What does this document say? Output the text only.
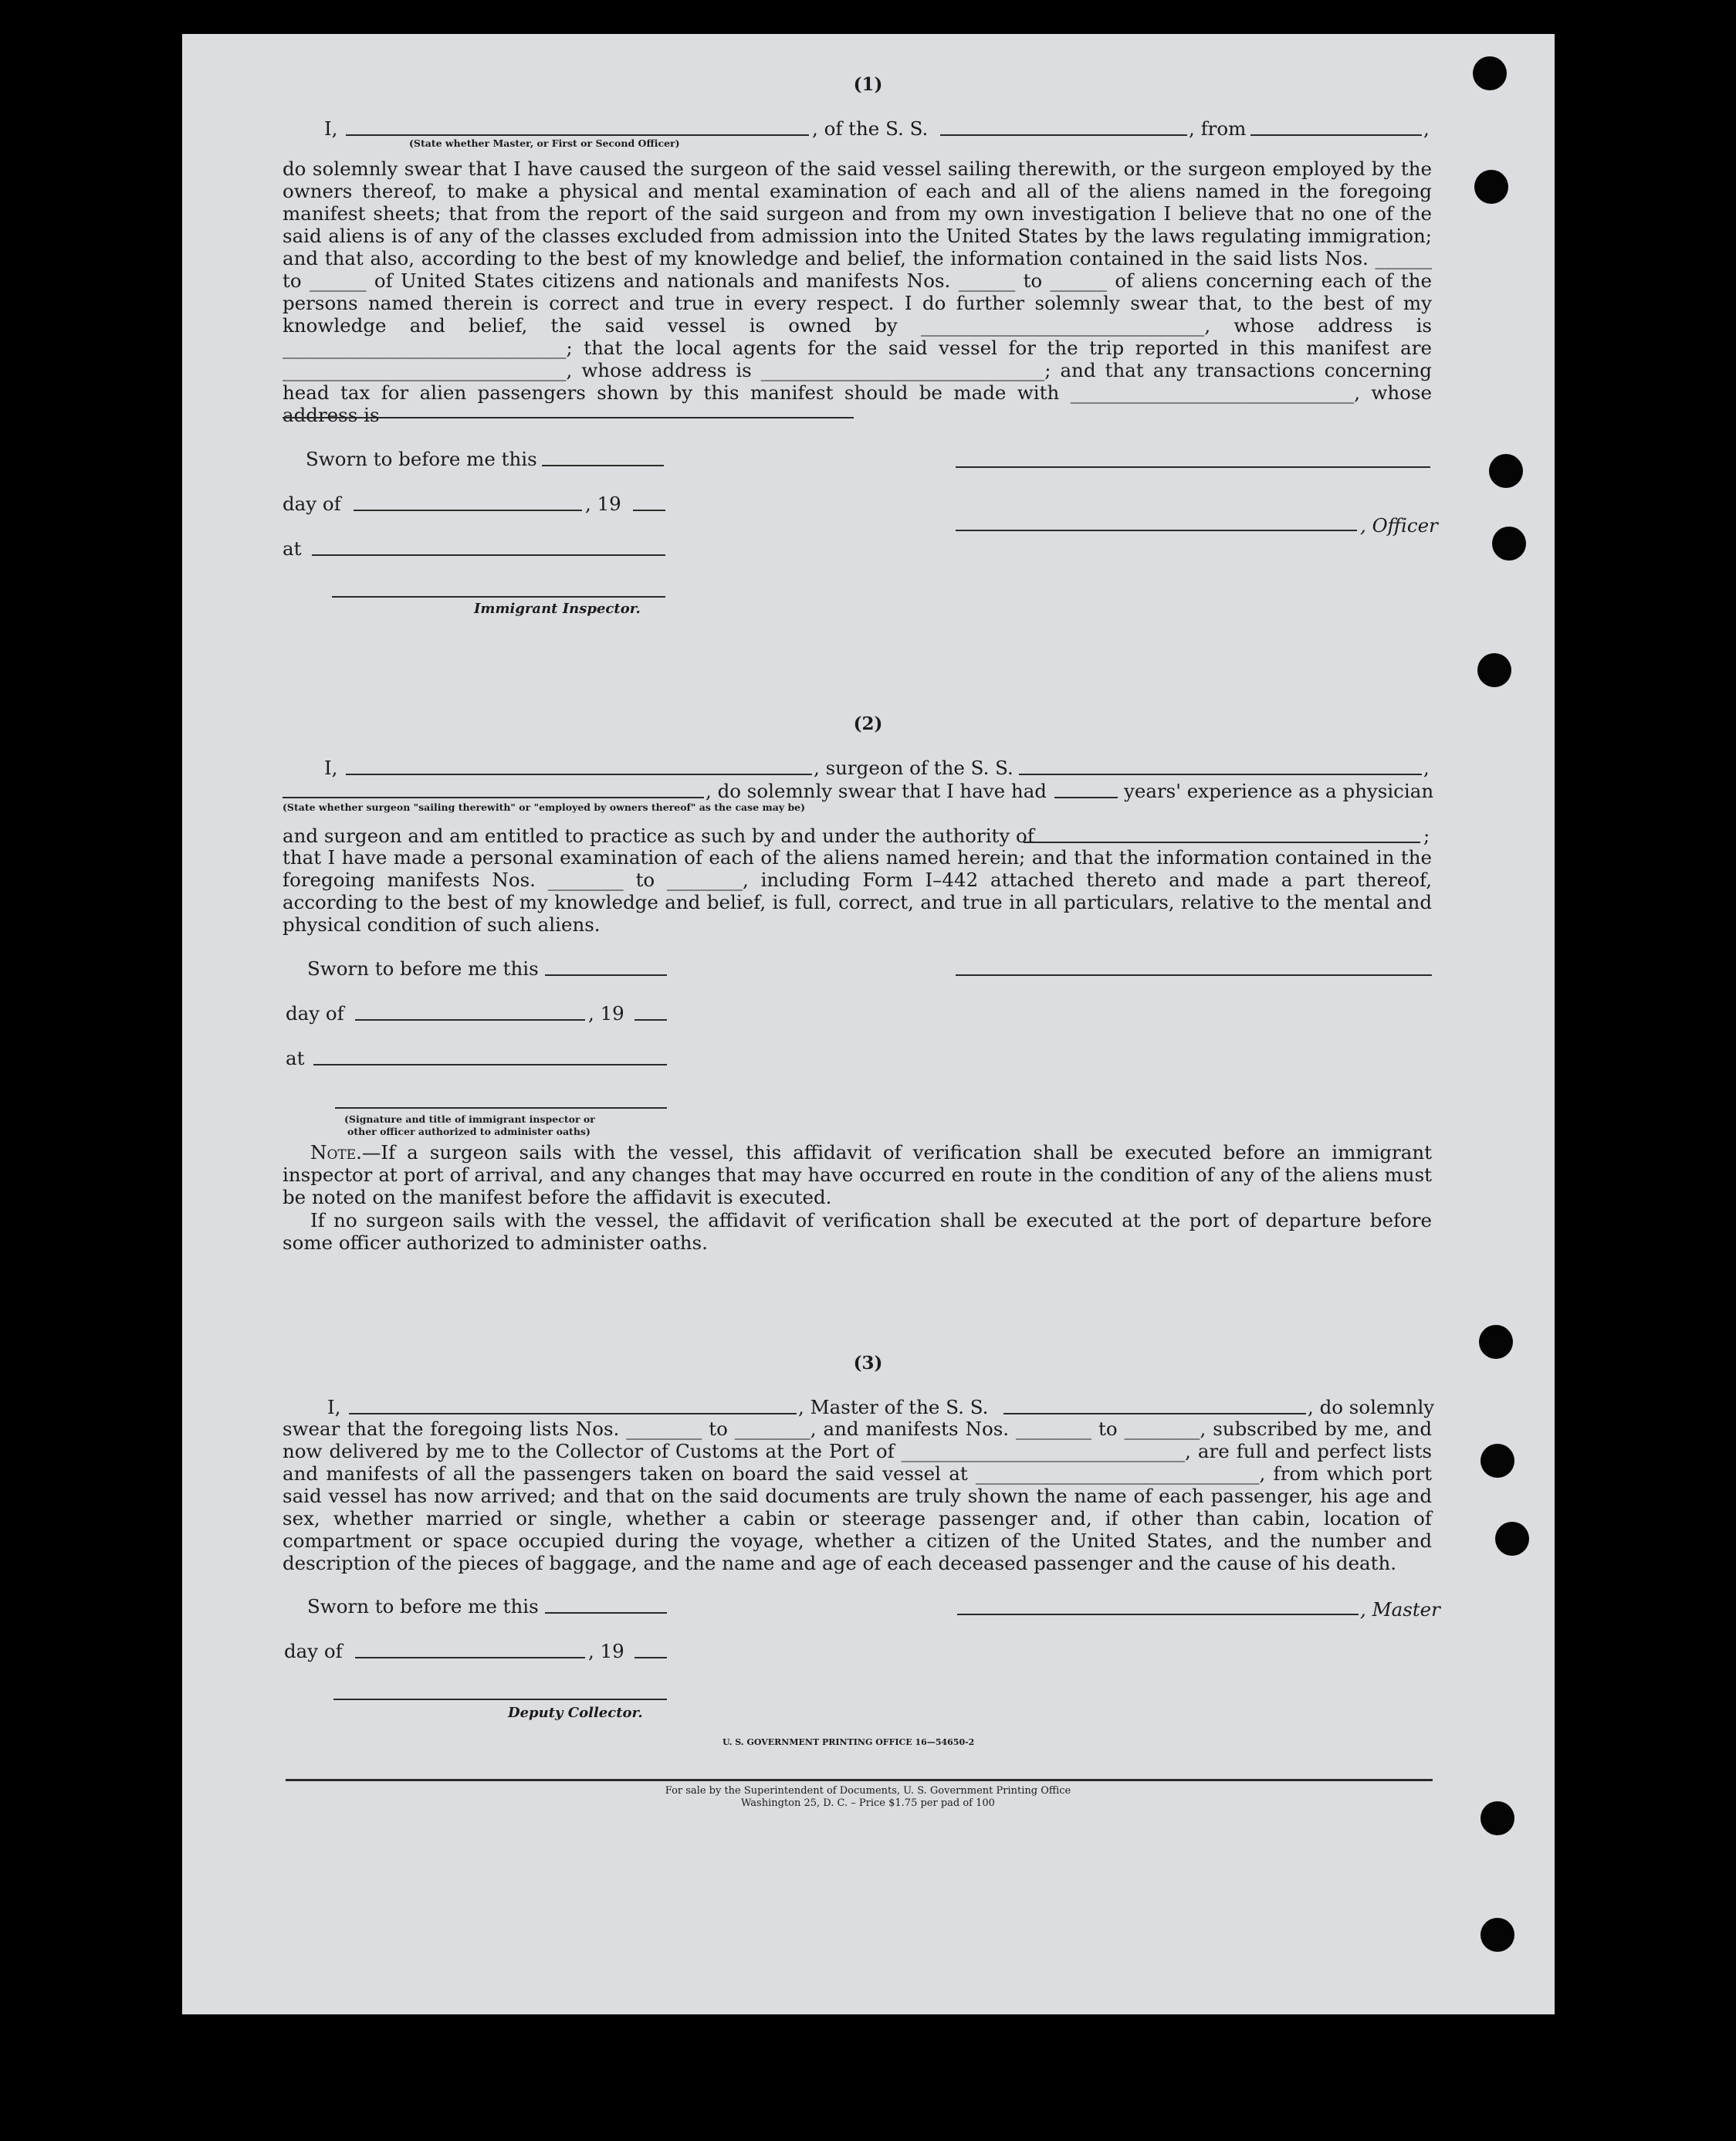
(1)
I,	, of the S. S.	, from	,
(State whether Master, or First or Second Officer)

do solemnly swear that I have caused the surgeon of the said vessel sailing therewith, or the surgeon employed by the owners thereof, to make a physical and mental examination of each and all of the aliens named in the foregoing manifest sheets; that from the report of the said surgeon and from my own investigation I believe that no one of the said aliens is of any of the classes excluded from admission into the United States by the laws regulating immigration; and that also, according to the best of my knowledge and belief, the information contained in the said lists Nos. ______ to ______ of United States citizens and nationals and manifests Nos. ______ to ______ of aliens concerning each of the persons named therein is correct and true in every respect. I do further solemnly swear that, to the best of my knowledge and belief, the said vessel is owned by ______________________________, whose address is ______________________________; that the local agents for the said vessel for the trip reported in this manifest are ______________________________, whose address is ______________________________; and that any transactions concerning head tax for alien passengers shown by this manifest should be made with ______________________________, whose address is

Sworn to before me this
day of	, 19
, Officer
at
Immigrant Inspector.
(2)
I,	, surgeon of the S. S.	,
, do solemnly swear that I have had	years' experience as a physician
(State whether surgeon "sailing therewith" or "employed by owners thereof" as the case may be)
and surgeon and am entitled to practice as such by and under the authority of	;

that I have made a personal examination of each of the aliens named herein; and that the information contained in the foregoing manifests Nos. ________ to ________, including Form I–442 attached thereto and made a part thereof, according to the best of my knowledge and belief, is full, correct, and true in all particulars, relative to the mental and physical condition of such aliens.

Sworn to before me this
day of	, 19
at
(Signature and title of immigrant inspector or
other officer authorized to administer oaths)

Note.—If a surgeon sails with the vessel, this affidavit of verification shall be executed before an immigrant inspector at port of arrival, and any changes that may have occurred en route in the condition of any of the aliens must be noted on the manifest before the affidavit is executed.

If no surgeon sails with the vessel, the affidavit of verification shall be executed at the port of departure before some officer authorized to administer oaths.

(3)
I,	, Master of the S. S.	, do solemnly

swear that the foregoing lists Nos. ________ to ________, and manifests Nos. ________ to ________, subscribed by me, and now delivered by me to the Collector of Customs at the Port of ______________________________, are full and perfect lists and manifests of all the passengers taken on board the said vessel at ______________________________, from which port said vessel has now arrived; and that on the said documents are truly shown the name of each passenger, his age and sex, whether married or single, whether a cabin or steerage passenger and, if other than cabin, location of compartment or space occupied during the voyage, whether a citizen of the United States, and the number and description of the pieces of baggage, and the name and age of each deceased passenger and the cause of his death.

Sworn to before me this	, Master
day of	, 19
Deputy Collector.
U. S. GOVERNMENT PRINTING OFFICE 16—54650-2
For sale by the Superintendent of Documents, U. S. Government Printing Office
Washington 25, D. C. – Price $1.75 per pad of 100
